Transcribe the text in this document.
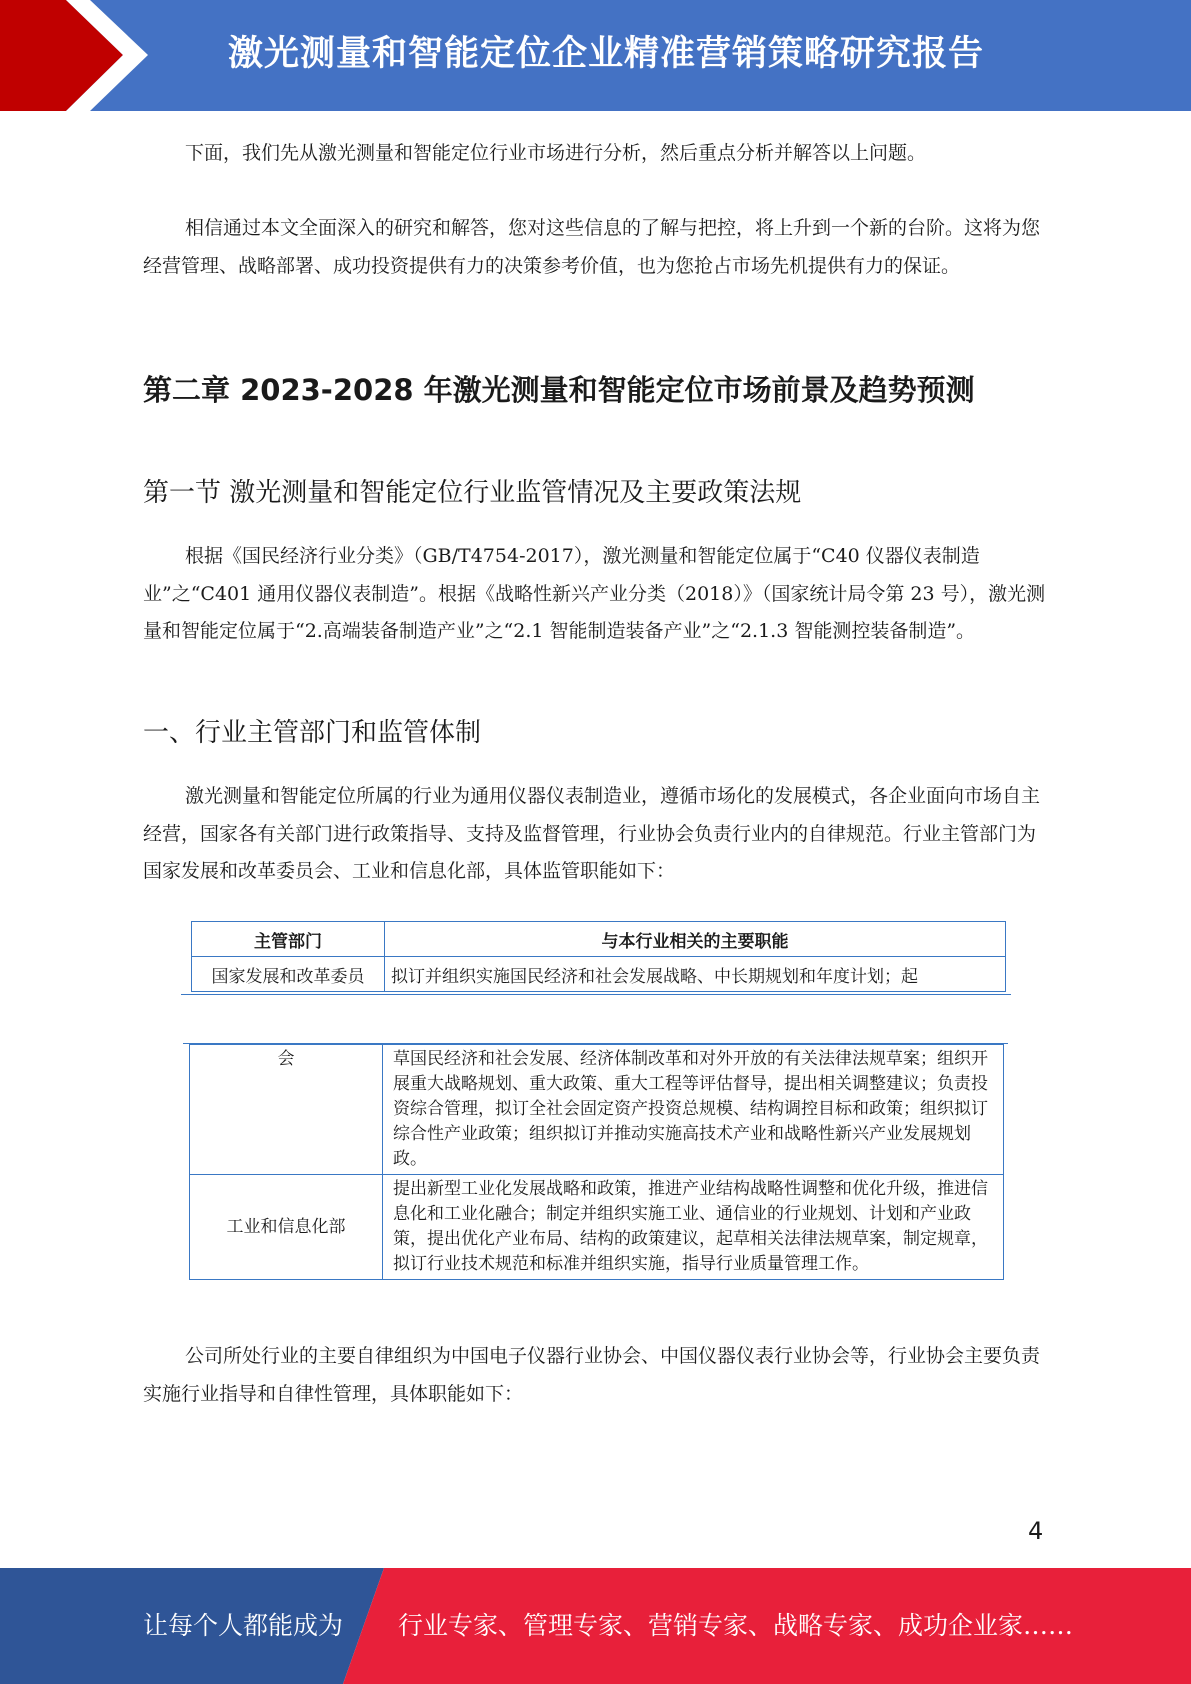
激光测量和智能定位企业精准营销策略研究报告

下面，我们先从激光测量和智能定位行业市场进行分析，然后重点分析并解答以上问题。

相信通过本文全面深入的研究和解答，您对这些信息的了解与把控，将上升到一个新的台阶。这将为您经营管理、战略部署、成功投资提供有力的决策参考价值，也为您抢占市场先机提供有力的保证。

第二章 2023-2028 年激光测量和智能定位市场前景及趋势预测
第一节 激光测量和智能定位行业监管情况及主要政策法规

根据《国民经济行业分类》（GB/T4754-2017），激光测量和智能定位属于“C40 仪器仪表制造业”之“C401 通用仪器仪表制造”。根据《战略性新兴产业分类（2018）》（国家统计局令第 23 号），激光测量和智能定位属于“2.高端装备制造产业”之“2.1 智能制造装备产业”之“2.1.3 智能测控装备制造”。

一、行业主管部门和监管体制

激光测量和智能定位所属的行业为通用仪器仪表制造业，遵循市场化的发展模式，各企业面向市场自主经营，国家各有关部门进行政策指导、支持及监督管理，行业协会负责行业内的自律规范。行业主管部门为国家发展和改革委员会、工业和信息化部，具体监管职能如下：

主管部门	与本行业相关的主要职能
国家发展和改革委员	拟订并组织实施国民经济和社会发展战略、中长期规划和年度计划；起
会	草国民经济和社会发展、经济体制改革和对外开放的有关法律法规草案；组织开展重大战略规划、重大政策、重大工程等评估督导，提出相关调整建议；负责投资综合管理，拟订全社会固定资产投资总规模、结构调控目标和政策；组织拟订综合性产业政策；组织拟订并推动实施高技术产业和战略性新兴产业发展规划政。
工业和信息化部	提出新型工业化发展战略和政策，推进产业结构战略性调整和优化升级，推进信息化和工业化融合；制定并组织实施工业、通信业的行业规划、计划和产业政策，提出优化产业布局、结构的政策建议，起草相关法律法规草案，制定规章，拟订行业技术规范和标准并组织实施，指导行业质量管理工作。

公司所处行业的主要自律组织为中国电子仪器行业协会、中国仪器仪表行业协会等，行业协会主要负责实施行业指导和自律性管理，具体职能如下：

4
让每个人都能成为 行业专家、管理专家、营销专家、战略专家、成功企业家……
